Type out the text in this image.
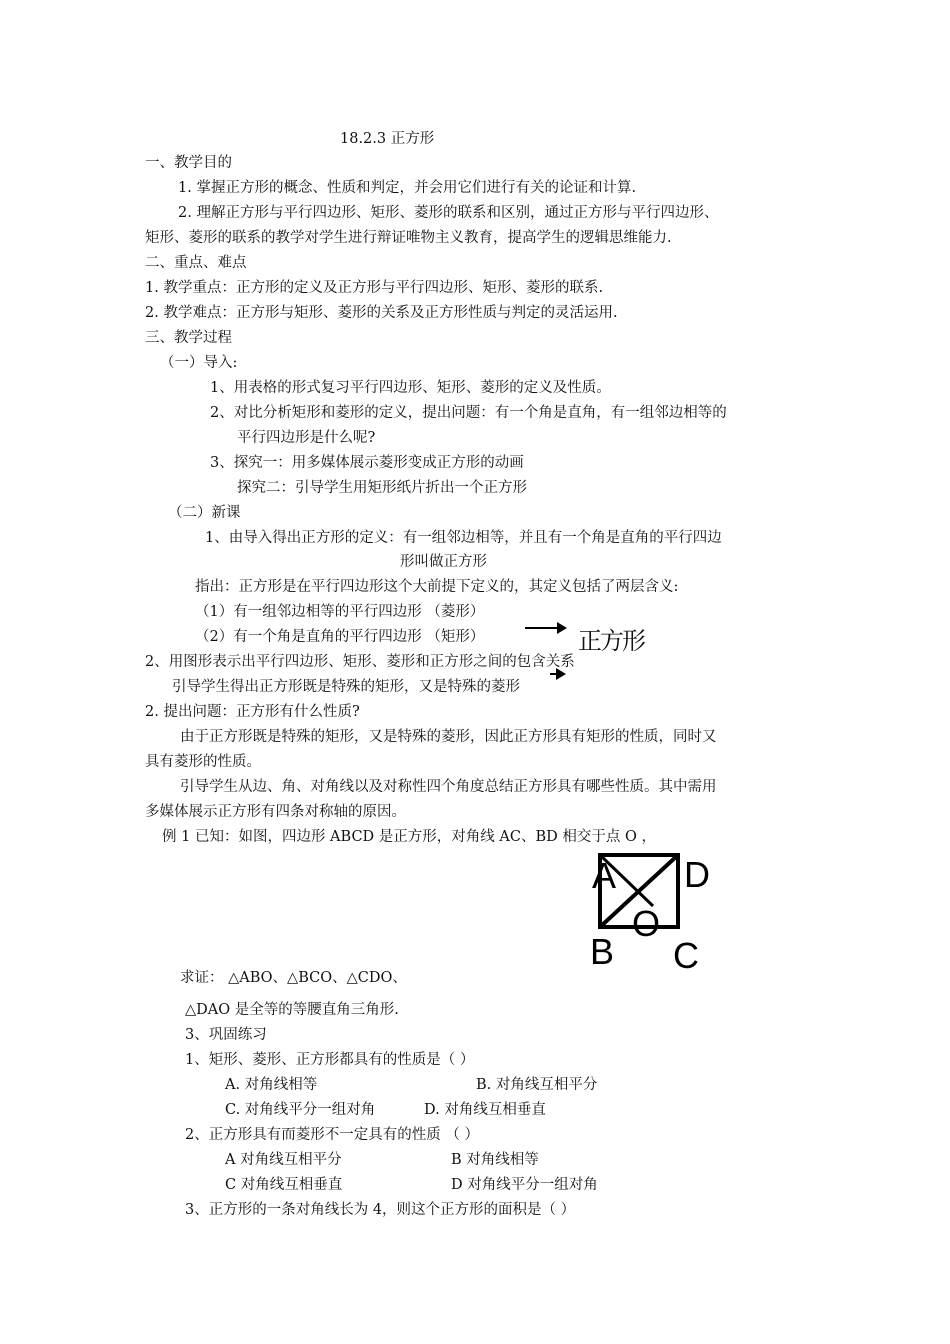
18.2.3 正方形
一、教学目的
1. 掌握正方形的概念、性质和判定，并会用它们进行有关的论证和计算.
2. 理解正方形与平行四边形、矩形、菱形的联系和区别，通过正方形与平行四边形、
矩形、菱形的联系的教学对学生进行辩证唯物主义教育，提高学生的逻辑思维能力.
二、重点、难点
1. 教学重点：正方形的定义及正方形与平行四边形、矩形、菱形的联系.
2. 教学难点：正方形与矩形、菱形的关系及正方形性质与判定的灵活运用.
三、教学过程
（一）导入:
1、用表格的形式复习平行四边形、矩形、菱形的定义及性质。
2、对比分析矩形和菱形的定义，提出问题：有一个角是直角，有一组邻边相等的
平行四边形是什么呢?
3、探究一：用多媒体展示菱形变成正方形的动画
探究二：引导学生用矩形纸片折出一个正方形
（二）新课
1、由导入得出正方形的定义：有一组邻边相等，并且有一个角是直角的平行四边
形叫做正方形
指出：正方形是在平行四边形这个大前提下定义的，其定义包括了两层含义:
（1）有一组邻边相等的平行四边形 （菱形）
（2）有一个角是直角的平行四边形 （矩形）	正方形
2、用图形表示出平行四边形、矩形、菱形和正方形之间的包含关系
引导学生得出正方形既是特殊的矩形，又是特殊的菱形
2. 提出问题：正方形有什么性质?
由于正方形既是特殊的矩形，又是特殊的菱形，因此正方形具有矩形的性质，同时又
具有菱形的性质。
引导学生从边、角、对角线以及对称性四个角度总结正方形具有哪些性质。其中需用
多媒体展示正方形有四条对称轴的原因。
例 1 已知：如图，四边形 ABCD 是正方形，对角线 AC、BD 相交于点 O ，
A D
O
B C
求证： △ABO、△BCO、△CDO、
△DAO 是全等的等腰直角三角形.
3、巩固练习
1、矩形、菱形、正方形都具有的性质是（ ）
A. 对角线相等	B. 对角线互相平分
C. 对角线平分一组对角	D. 对角线互相垂直
2、正方形具有而菱形不一定具有的性质 （ ）
A 对角线互相平分	B 对角线相等
C 对角线互相垂直	D 对角线平分一组对角
3、正方形的一条对角线长为 4，则这个正方形的面积是（ ）
